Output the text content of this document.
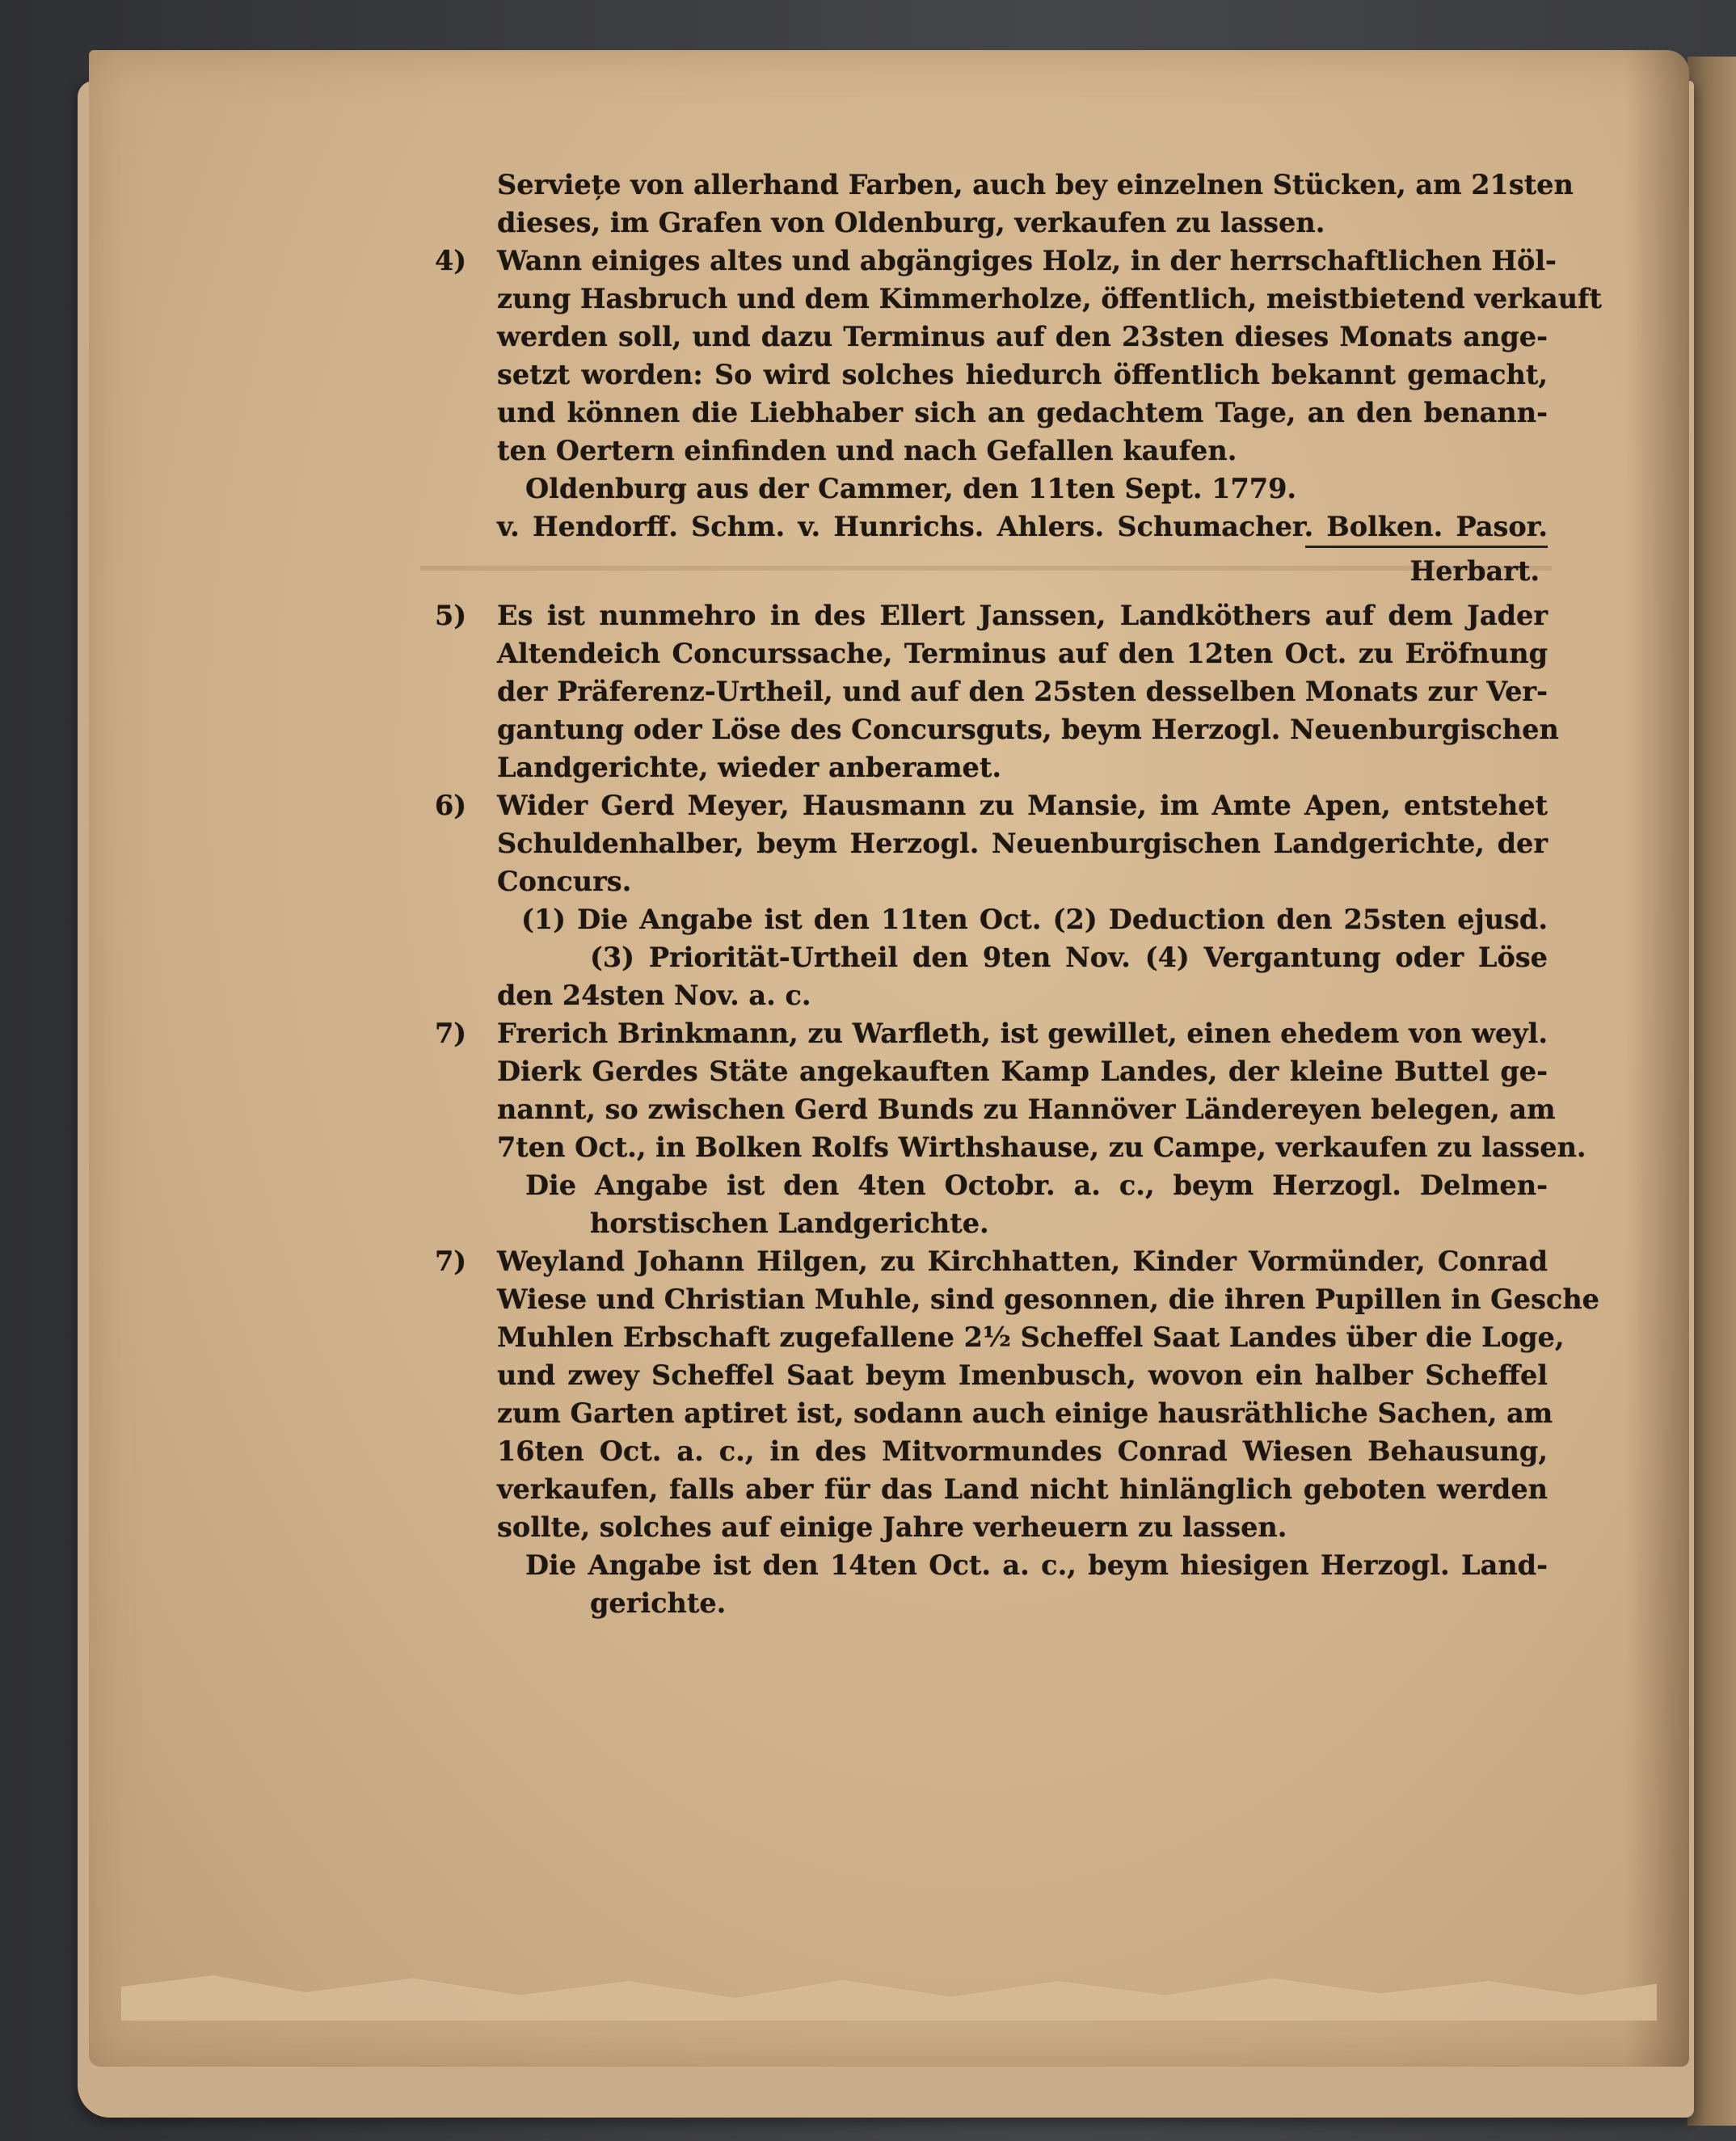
Serviețe von allerhand Farben, auch bey einzelnen Stücken, am 21sten
dieses, im Grafen von Oldenburg, verkaufen zu lassen.
4)	Wann einiges altes und abgängiges Holz, in der herrschaftlichen Höl-
zung Hasbruch und dem Kimmerholze, öffentlich, meistbietend verkauft
werden soll, und dazu Terminus auf den 23sten dieses Monats ange-
setzt worden: So wird solches hiedurch öffentlich bekannt gemacht,
und können die Liebhaber sich an gedachtem Tage, an den benann-
ten Oertern einfinden und nach Gefallen kaufen.
Oldenburg aus der Cammer, den 11ten Sept. 1779.
v. Hendorff. Schm. v. Hunrichs. Ahlers. Schumacher. Bolken. Pasor.
Herbart.
5)	Es ist nunmehro in des Ellert Janssen, Landköthers auf dem Jader
Altendeich Concurssache, Terminus auf den 12ten Oct. zu Eröfnung
der Präferenz-Urtheil, und auf den 25sten desselben Monats zur Ver-
gantung oder Löse des Concursguts, beym Herzogl. Neuenburgischen
Landgerichte, wieder anberamet.
6)	Wider Gerd Meyer, Hausmann zu Mansie, im Amte Apen, entstehet
Schuldenhalber, beym Herzogl. Neuenburgischen Landgerichte, der
Concurs.
(1) Die Angabe ist den 11ten Oct. (2) Deduction den 25sten ejusd.
(3) Priorität-Urtheil den 9ten Nov. (4) Vergantung oder Löse
den 24sten Nov. a. c.
7)	Frerich Brinkmann, zu Warfleth, ist gewillet, einen ehedem von weyl.
Dierk Gerdes Stäte angekauften Kamp Landes, der kleine Buttel ge-
nannt, so zwischen Gerd Bunds zu Hannöver Ländereyen belegen, am
7ten Oct., in Bolken Rolfs Wirthshause, zu Campe, verkaufen zu lassen.
Die Angabe ist den 4ten Octobr. a. c., beym Herzogl. Delmen-
horstischen Landgerichte.
7)	Weyland Johann Hilgen, zu Kirchhatten, Kinder Vormünder, Conrad
Wiese und Christian Muhle, sind gesonnen, die ihren Pupillen in Gesche
Muhlen Erbschaft zugefallene 2½ Scheffel Saat Landes über die Loge,
und zwey Scheffel Saat beym Imenbusch, wovon ein halber Scheffel
zum Garten aptiret ist, sodann auch einige hausräthliche Sachen, am
16ten Oct. a. c., in des Mitvormundes Conrad Wiesen Behausung,
verkaufen, falls aber für das Land nicht hinlänglich geboten werden
sollte, solches auf einige Jahre verheuern zu lassen.
Die Angabe ist den 14ten Oct. a. c., beym hiesigen Herzogl. Land-
gerichte.
